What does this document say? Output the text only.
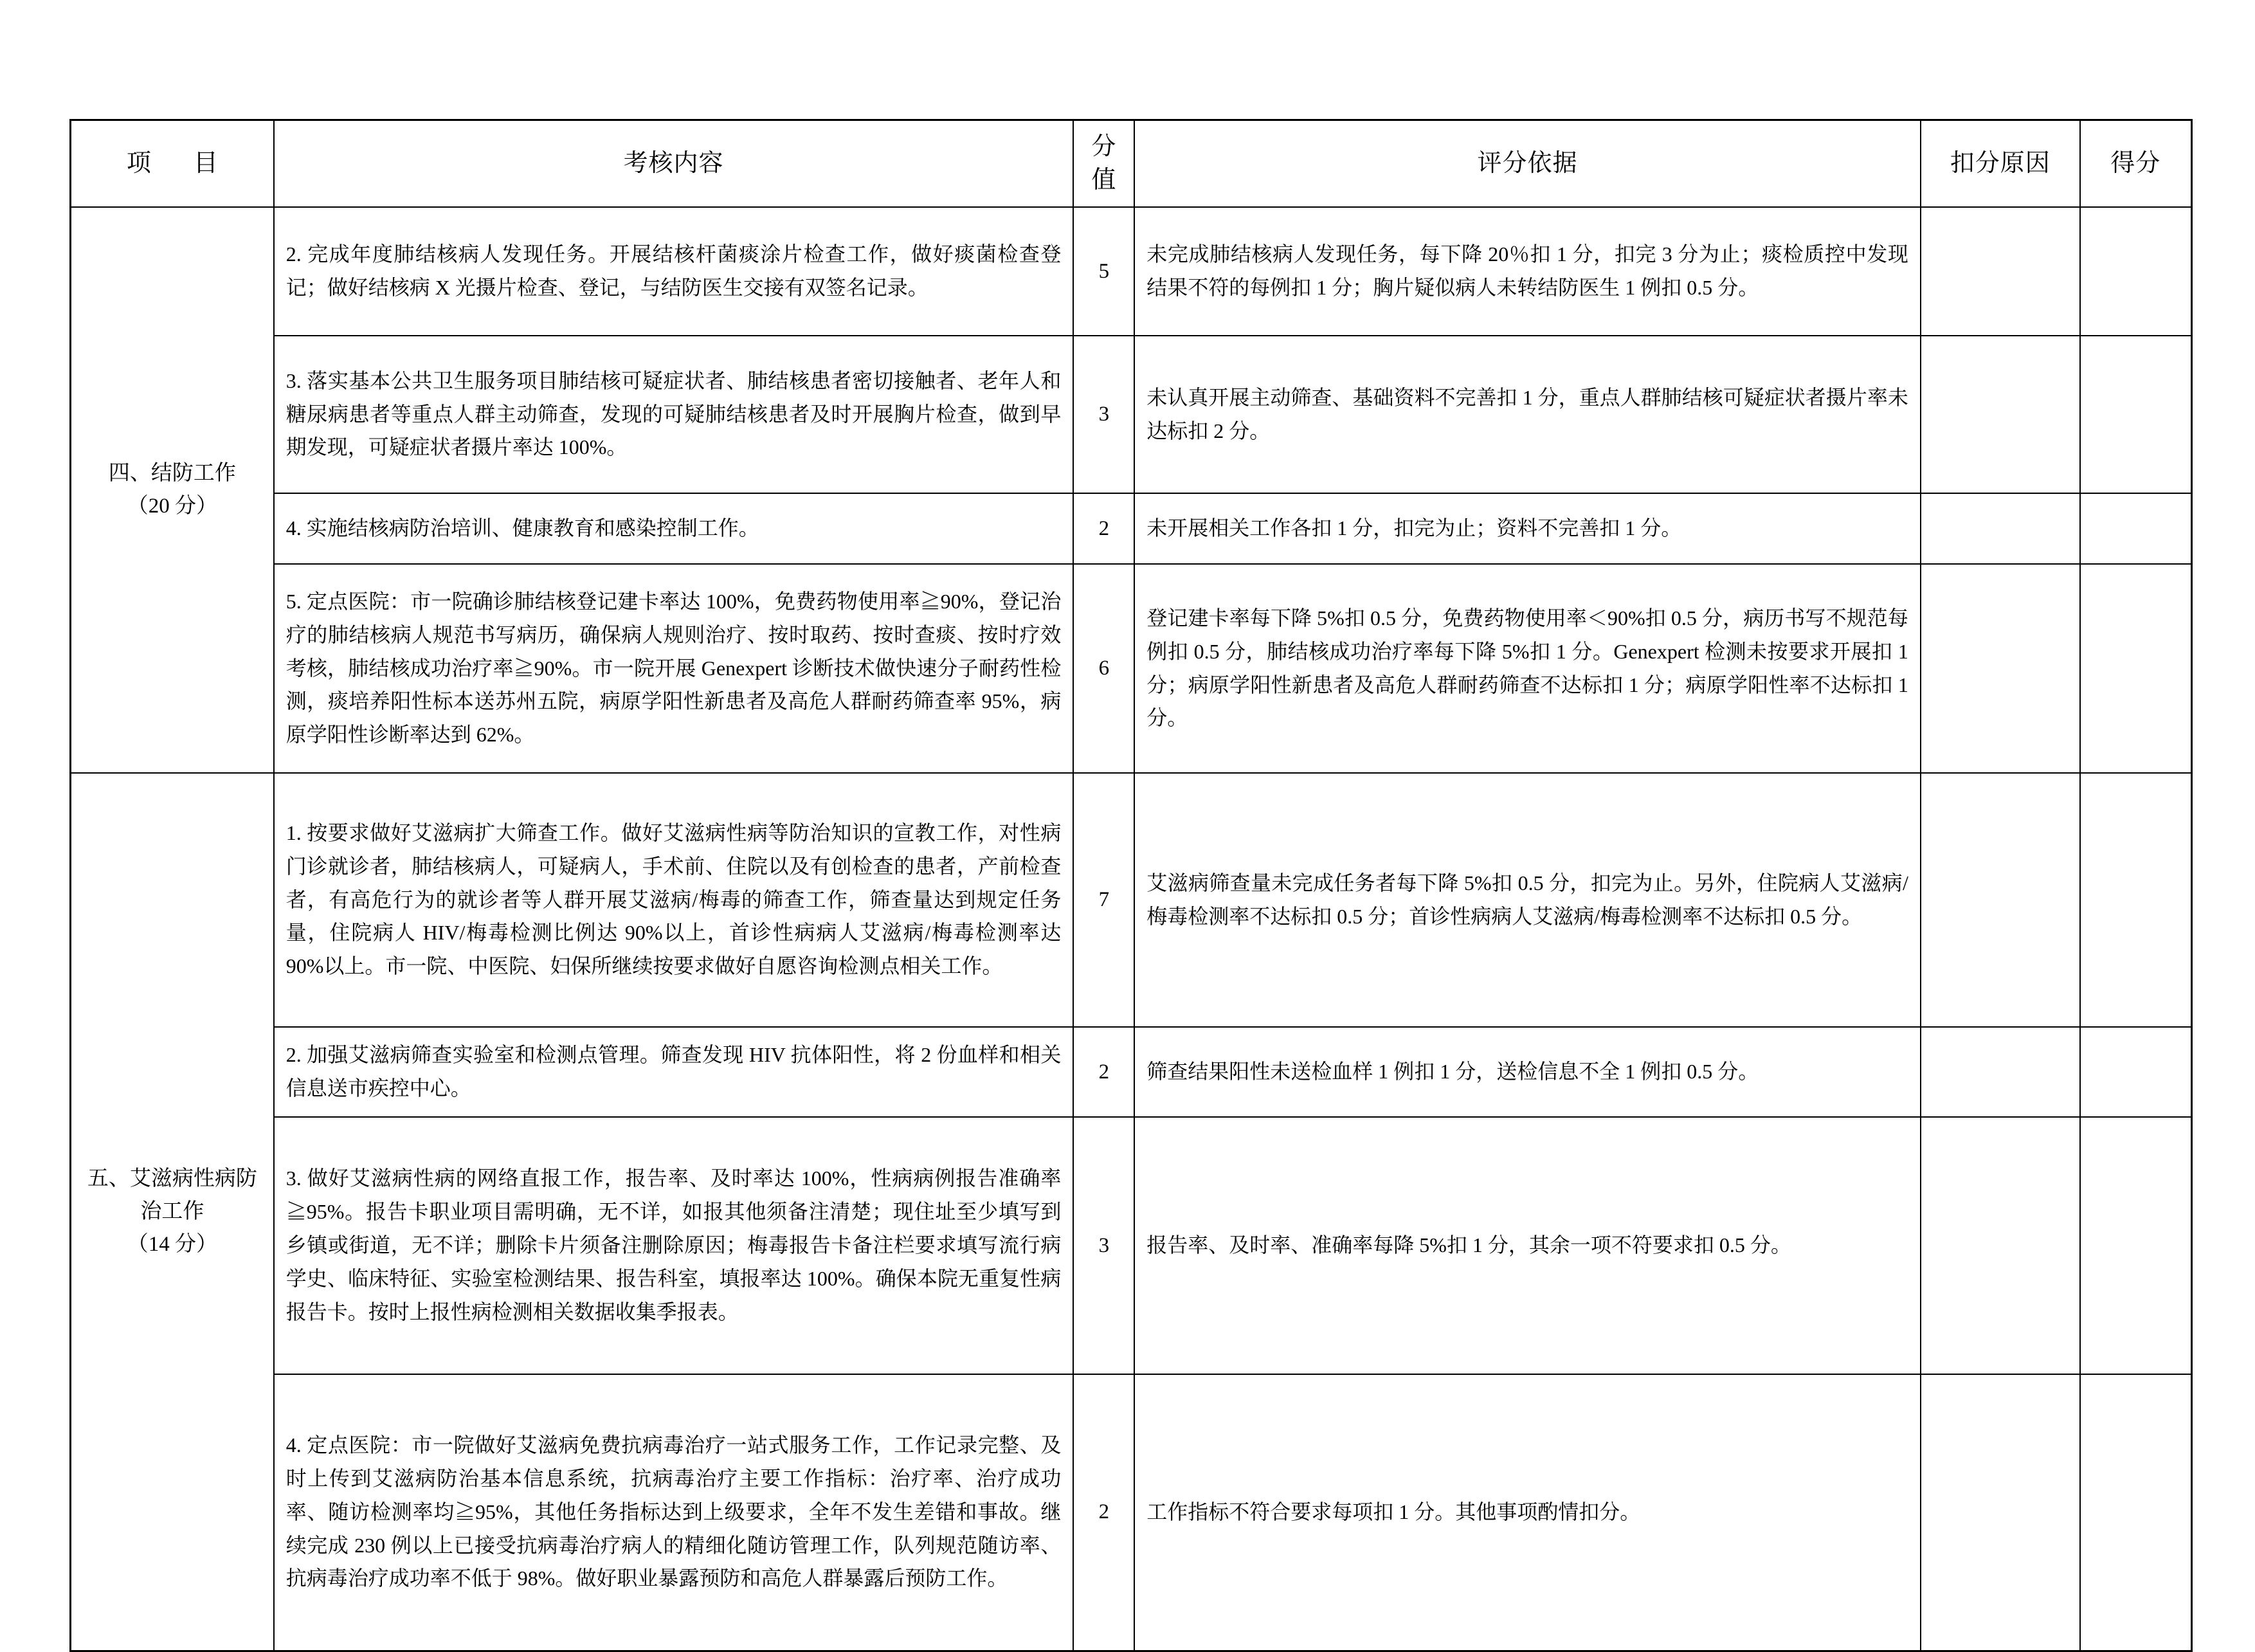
项　目	考核内容	分值	评分依据	扣分原因	得分
四、结防工作
（20 分）	2. 完成年度肺结核病人发现任务。开展结核杆菌痰涂片检查工作，做好痰菌检查登记；做好结核病 X 光摄片检查、登记，与结防医生交接有双签名记录。	5	未完成肺结核病人发现任务，每下降 20％扣 1 分，扣完 3 分为止；痰检质控中发现结果不符的每例扣 1 分；胸片疑似病人未转结防医生 1 例扣 0.5 分。		
	3. 落实基本公共卫生服务项目肺结核可疑症状者、肺结核患者密切接触者、老年人和糖尿病患者等重点人群主动筛查，发现的可疑肺结核患者及时开展胸片检查，做到早期发现，可疑症状者摄片率达 100%。	3	未认真开展主动筛查、基础资料不完善扣 1 分，重点人群肺结核可疑症状者摄片率未达标扣 2 分。		
	4. 实施结核病防治培训、健康教育和感染控制工作。	2	未开展相关工作各扣 1 分，扣完为止；资料不完善扣 1 分。		
	5. 定点医院：市一院确诊肺结核登记建卡率达 100%，免费药物使用率≧90%，登记治疗的肺结核病人规范书写病历，确保病人规则治疗、按时取药、按时查痰、按时疗效考核，肺结核成功治疗率≧90%。市一院开展 Genexpert 诊断技术做快速分子耐药性检测，痰培养阳性标本送苏州五院，病原学阳性新患者及高危人群耐药筛查率 95%，病原学阳性诊断率达到 62%。	6	登记建卡率每下降 5%扣 0.5 分，免费药物使用率＜90%扣 0.5 分，病历书写不规范每例扣 0.5 分，肺结核成功治疗率每下降 5%扣 1 分。Genexpert 检测未按要求开展扣 1 分；病原学阳性新患者及高危人群耐药筛查不达标扣 1 分；病原学阳性率不达标扣 1 分。		
五、艾滋病性病防治工作
（14 分）	1. 按要求做好艾滋病扩大筛查工作。做好艾滋病性病等防治知识的宣教工作，对性病门诊就诊者，肺结核病人，可疑病人，手术前、住院以及有创检查的患者，产前检查者，有高危行为的就诊者等人群开展艾滋病/梅毒的筛查工作，筛查量达到规定任务量，住院病人 HIV/梅毒检测比例达 90%以上，首诊性病病人艾滋病/梅毒检测率达 90%以上。市一院、中医院、妇保所继续按要求做好自愿咨询检测点相关工作。	7	艾滋病筛查量未完成任务者每下降 5%扣 0.5 分，扣完为止。另外，住院病人艾滋病/梅毒检测率不达标扣 0.5 分；首诊性病病人艾滋病/梅毒检测率不达标扣 0.5 分。		
	2. 加强艾滋病筛查实验室和检测点管理。筛查发现 HIV 抗体阳性，将 2 份血样和相关信息送市疾控中心。	2	筛查结果阳性未送检血样 1 例扣 1 分，送检信息不全 1 例扣 0.5 分。		
	3. 做好艾滋病性病的网络直报工作，报告率、及时率达 100%，性病病例报告准确率≧95%。报告卡职业项目需明确，无不详，如报其他须备注清楚；现住址至少填写到乡镇或街道，无不详；删除卡片须备注删除原因；梅毒报告卡备注栏要求填写流行病学史、临床特征、实验室检测结果、报告科室，填报率达 100%。确保本院无重复性病报告卡。按时上报性病检测相关数据收集季报表。	3	报告率、及时率、准确率每降 5%扣 1 分，其余一项不符要求扣 0.5 分。		
	4. 定点医院：市一院做好艾滋病免费抗病毒治疗一站式服务工作，工作记录完整、及时上传到艾滋病防治基本信息系统，抗病毒治疗主要工作指标：治疗率、治疗成功率、随访检测率均≧95%，其他任务指标达到上级要求，全年不发生差错和事故。继续完成 230 例以上已接受抗病毒治疗病人的精细化随访管理工作，队列规范随访率、抗病毒治疗成功率不低于 98%。做好职业暴露预防和高危人群暴露后预防工作。	2	工作指标不符合要求每项扣 1 分。其他事项酌情扣分。		
